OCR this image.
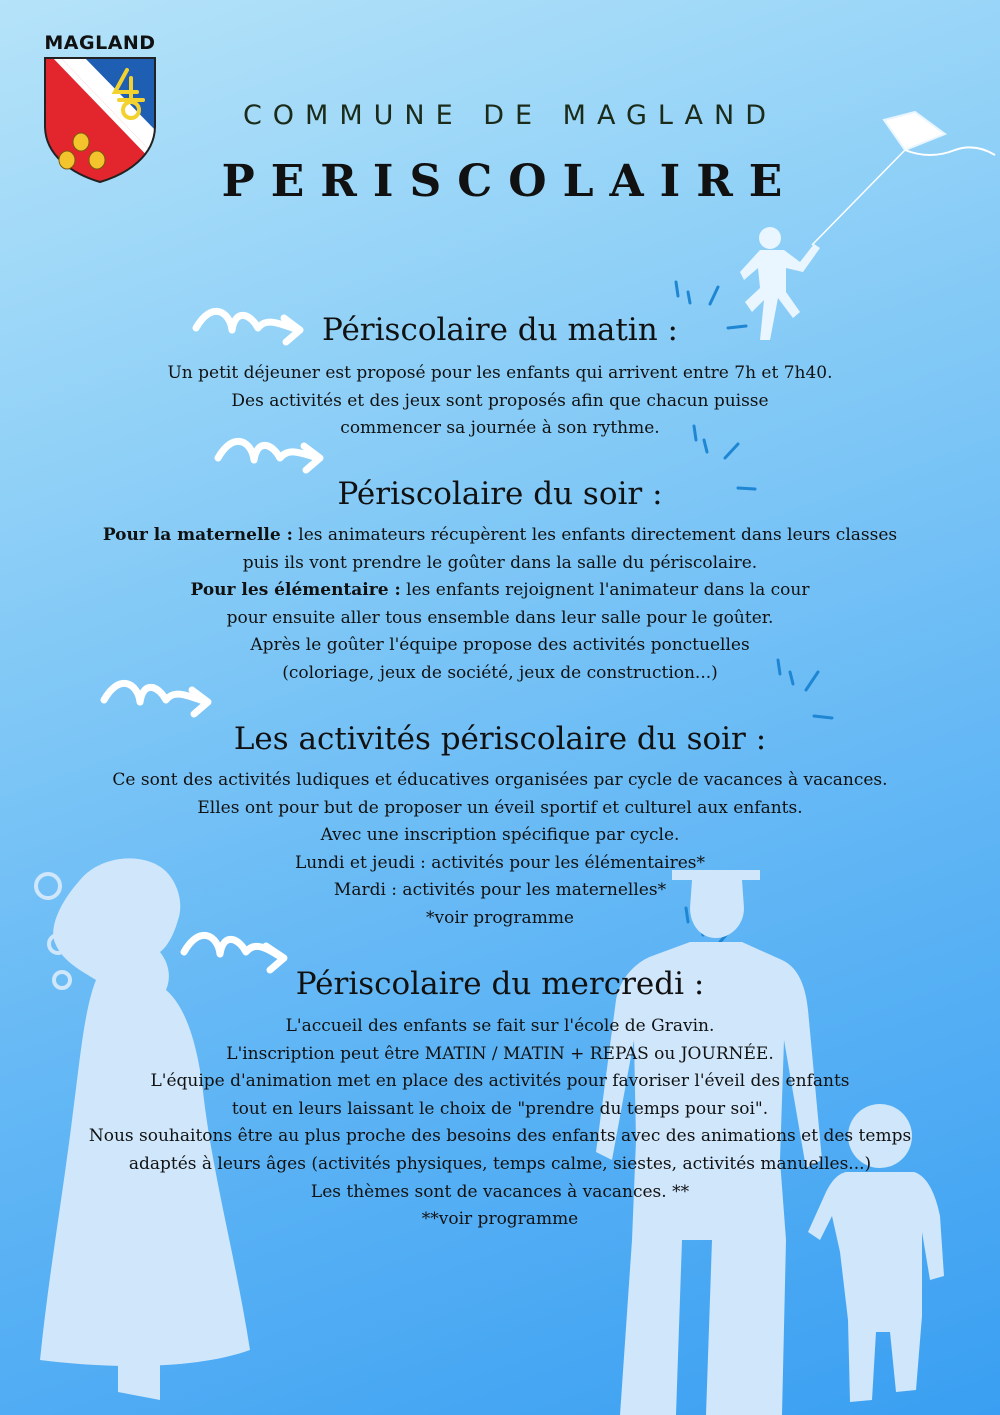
MAGLAND
COMMUNE DE MAGLAND
PERISCOLAIRE
Périscolaire du matin :

Un petit déjeuner est proposé pour les enfants qui arrivent entre 7h et 7h40.

Des activités et des jeux sont proposés afin que chacun puisse

commencer sa journée à son rythme.

Périscolaire du soir :

Pour la maternelle : les animateurs récupèrent les enfants directement dans leurs classes

puis ils vont prendre le goûter dans la salle du périscolaire.

Pour les élémentaire : les enfants rejoignent l'animateur dans la cour

pour ensuite aller tous ensemble dans leur salle pour le goûter.

Après le goûter l'équipe propose des activités ponctuelles

(coloriage, jeux de société, jeux de construction...)

Les activités périscolaire du soir :

Ce sont des activités ludiques et éducatives organisées par cycle de vacances à vacances.

Elles ont pour but de proposer un éveil sportif et culturel aux enfants.

Avec une inscription spécifique par cycle.

Lundi et jeudi : activités pour les élémentaires*

Mardi : activités pour les maternelles*

*voir programme

Périscolaire du mercredi :

L'accueil des enfants se fait sur l'école de Gravin.

L'inscription peut être MATIN / MATIN + REPAS ou JOURNÉE.

L'équipe d'animation met en place des activités pour favoriser l'éveil des enfants

tout en leurs laissant le choix de "prendre du temps pour soi".

Nous souhaitons être au plus proche des besoins des enfants avec des animations et des temps

adaptés à leurs âges (activités physiques, temps calme, siestes, activités manuelles...)

Les thèmes sont de vacances à vacances. **

**voir programme
